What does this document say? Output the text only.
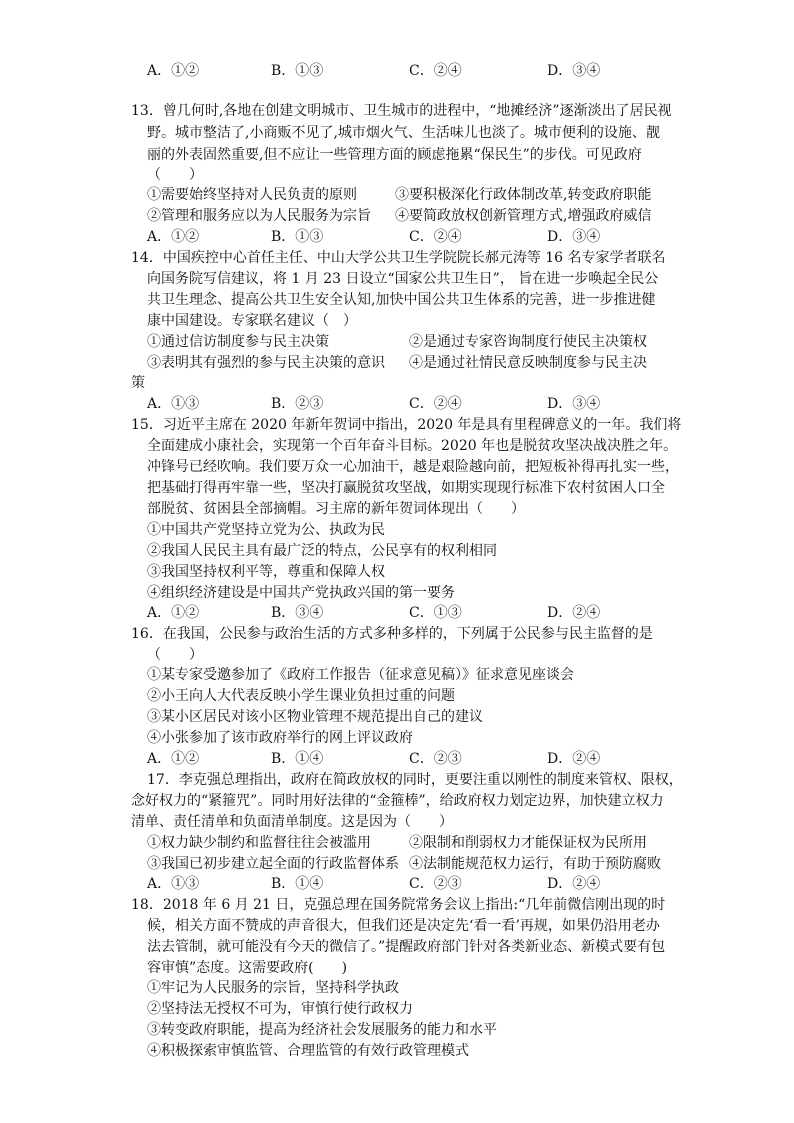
A．①②	B．①③	C．②④	D．③④
13．曾几何时,各地在创建文明城市、卫生城市的进程中，“地摊经济”逐渐淡出了居民视
野。城市整洁了,小商贩不见了,城市烟火气、生活味儿也淡了。城市便利的设施、靓
丽的外表固然重要,但不应让一些管理方面的顾虑拖累“保民生”的步伐。可见政府
（　　）
①需要始终坚持对人民负责的原则	③要积极深化行政体制改革,转变政府职能
②管理和服务应以为人民服务为宗旨 ④要简政放权创新管理方式,增强政府威信
A．①②	B．①③	C．②④	D．③④
14．中国疾控中心首任主任、中山大学公共卫生学院院长郝元涛等 16 名专家学者联名
向国务院写信建议，将 1 月 23 日设立“国家公共卫生日”， 旨在进一步唤起全民公
共卫生理念、提高公共卫生安全认知,加快中国公共卫生体系的完善，进一步推进健
康中国建设。专家联名建议（　）
①通过信访制度参与民主决策	②是通过专家咨询制度行使民主决策权
③表明其有强烈的参与民主决策的意识 ④是通过社情民意反映制度参与民主决
策
A．①③	B．②③	C．②④	D．③④
15．习近平主席在 2020 年新年贺词中指出，2020 年是具有里程碑意义的一年。我们将
全面建成小康社会，实现第一个百年奋斗目标。2020 年也是脱贫攻坚决战决胜之年。
冲锋号已经吹响。我们要万众一心加油干，越是艰险越向前，把短板补得再扎实一些，
把基础打得再牢靠一些，坚决打赢脱贫攻坚战，如期实现现行标准下农村贫困人口全
部脱贫、贫困县全部摘帽。习主席的新年贺词体现出（　　）
①中国共产党坚持立党为公、执政为民
②我国人民民主具有最广泛的特点，公民享有的权利相同
③我国坚持权利平等，尊重和保障人权
④组织经济建设是中国共产党执政兴国的第一要务
A．①②	B．③④	C．①③	D．②④
16．在我国，公民参与政治生活的方式多种多样的，下列属于公民参与民主监督的是
（　　）
①某专家受邀参加了《政府工作报告（征求意见稿）》征求意见座谈会
②小王向人大代表反映小学生课业负担过重的问题
③某小区居民对该小区物业管理不规范提出自己的建议
④小张参加了该市政府举行的网上评议政府
A．①②	B．①④	C．②③	D．②④
17．李克强总理指出，政府在简政放权的同时，更要注重以刚性的制度来管权、限权，
念好权力的“紧箍咒”。同时用好法律的“金箍棒”，给政府权力划定边界，加快建立权力
清单、责任清单和负面清单制度。这是因为（　　）
①权力缺少制约和监督往往会被滥用	②限制和削弱权力才能保证权为民所用
③我国已初步建立起全面的行政监督体系 ④法制能规范权力运行，有助于预防腐败
A．①③	B．①④	C．②③	D．②④
18．2018 年 6 月 21 日，克强总理在国务院常务会议上指出:“几年前微信刚出现的时
候，相关方面不赞成的声音很大，但我们还是决定先‘看一看’再规，如果仍沿用老办
法去管制，就可能没有今天的微信了。”提醒政府部门针对各类新业态、新模式要有包
容审慎”态度。这需要政府(　　)
①牢记为人民服务的宗旨，坚持科学执政
②坚持法无授权不可为，审慎行使行政权力
③转变政府职能，提高为经济社会发展服务的能力和水平
④积极探索审慎监管、合理监管的有效行政管理模式
